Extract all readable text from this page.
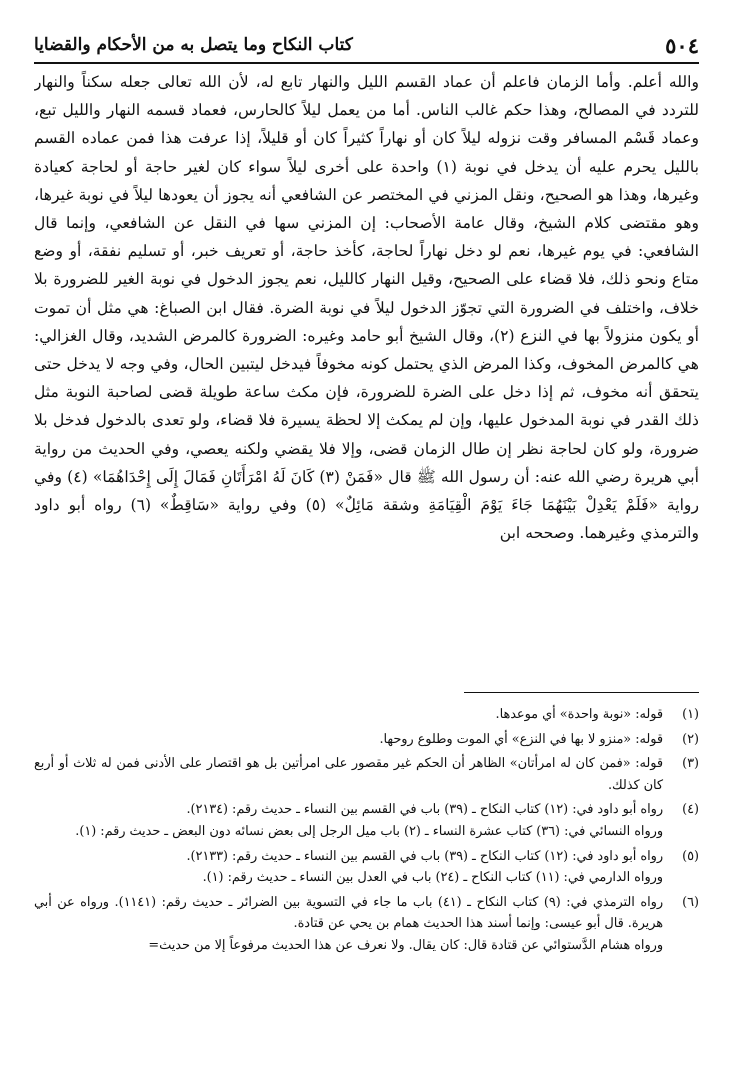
٥٠٤
كتاب النكاح وما يتصل به من الأحكام والقضايا

والله أعلم. وأما الزمان فاعلم أن عماد القسم الليل والنهار تابع له، لأن الله تعالى جعله سكناً والنهار للتردد في المصالح، وهذا حكم غالب الناس. أما من يعمل ليلاً كالحارس، فعماد قسمه النهار والليل تبع، وعماد قَسْم المسافر وقت نزوله ليلاً كان أو نهاراً كثيراً كان أو قليلاً، إذا عرفت هذا فمن عماده القسم بالليل يحرم عليه أن يدخل في نوبة (١) واحدة على أخرى ليلاً سواء كان لغير حاجة أو لحاجة كعيادة وغيرها، وهذا هو الصحيح، ونقل المزني في المختصر عن الشافعي أنه يجوز أن يعودها ليلاً في نوبة غيرها، وهو مقتضى كلام الشيخ، وقال عامة الأصحاب: إن المزني سها في النقل عن الشافعي، وإنما قال الشافعي: في يوم غيرها، نعم لو دخل نهاراً لحاجة، كأخذ حاجة، أو تعريف خبر، أو تسليم نفقة، أو وضع متاع ونحو ذلك، فلا قضاء على الصحيح، وقيل النهار كالليل، نعم يجوز الدخول في نوبة الغير للضرورة بلا خلاف، واختلف في الضرورة التي تجوّز الدخول ليلاً في نوبة الضرة. فقال ابن الصباغ: هي مثل أن تموت أو يكون منزولاً بها في النزع (٢)، وقال الشيخ أبو حامد وغيره: الضرورة كالمرض الشديد، وقال الغزالي: هي كالمرض المخوف، وكذا المرض الذي يحتمل كونه مخوفاً فيدخل ليتبين الحال، وفي وجه لا يدخل حتى يتحقق أنه مخوف، ثم إذا دخل على الضرة للضرورة، فإن مكث ساعة طويلة قضى لصاحبة النوبة مثل ذلك القدر في نوبة المدخول عليها، وإن لم يمكث إلا لحظة يسيرة فلا قضاء، ولو تعدى بالدخول فدخل بلا ضرورة، ولو كان لحاجة نظر إن طال الزمان قضى، وإلا فلا يقضي ولكنه يعصي، وفي الحديث من رواية أبي هريرة رضي الله عنه: أن رسول الله ﷺ قال «فَمَنْ (٣) كَانَ لَهُ امْرَأَتَانِ فَمَالَ إِلَى إِحْدَاهُمَا» (٤) وفي رواية «فَلَمْ يَعْدِلْ بَيْنَهُمَا جَاءَ يَوْمَ الْقِيَامَةِ وشقة مَائِلٌ» (٥) وفي رواية «سَاقِطٌ» (٦) رواه أبو داود والترمذي وغيرهما. وصححه ابن

(١)
قوله: «نوبة واحدة» أي موعدها.
(٢)
قوله: «منزو لا بها في النزع» أي الموت وطلوع روحها.
(٣)
قوله: «فمن كان له امرأتان» الظاهر أن الحكم غير مقصور على امرأتين بل هو اقتصار على الأدنى فمن له ثلاث أو أربع كان كذلك.
(٤)
رواه أبو داود في: (١٢) كتاب النكاح ـ (٣٩) باب في القسم بين النساء ـ حديث رقم: (٢١٣٤).
ورواه النسائي في: (٣٦) كتاب عشرة النساء ـ (٢) باب ميل الرجل إلى بعض نسائه دون البعض ـ حديث رقم: (١).
(٥)
رواه أبو داود في: (١٢) كتاب النكاح ـ (٣٩) باب في القسم بين النساء ـ حديث رقم: (٢١٣٣).
ورواه الدارمي في: (١١) كتاب النكاح ـ (٢٤) باب في العدل بين النساء ـ حديث رقم: (١).
(٦)
رواه الترمذي في: (٩) كتاب النكاح ـ (٤١) باب ما جاء في التسوية بين الضرائر ـ حديث رقم: (١١٤١). ورواه عن أبي هريرة. قال أبو عيسى: وإنما أسند هذا الحديث همام بن يحي عن قتادة.
ورواه هشام الدَّستوائي عن قتادة قال: كان يقال. ولا نعرف عن هذا الحديث مرفوعاً إلا من حديث=
